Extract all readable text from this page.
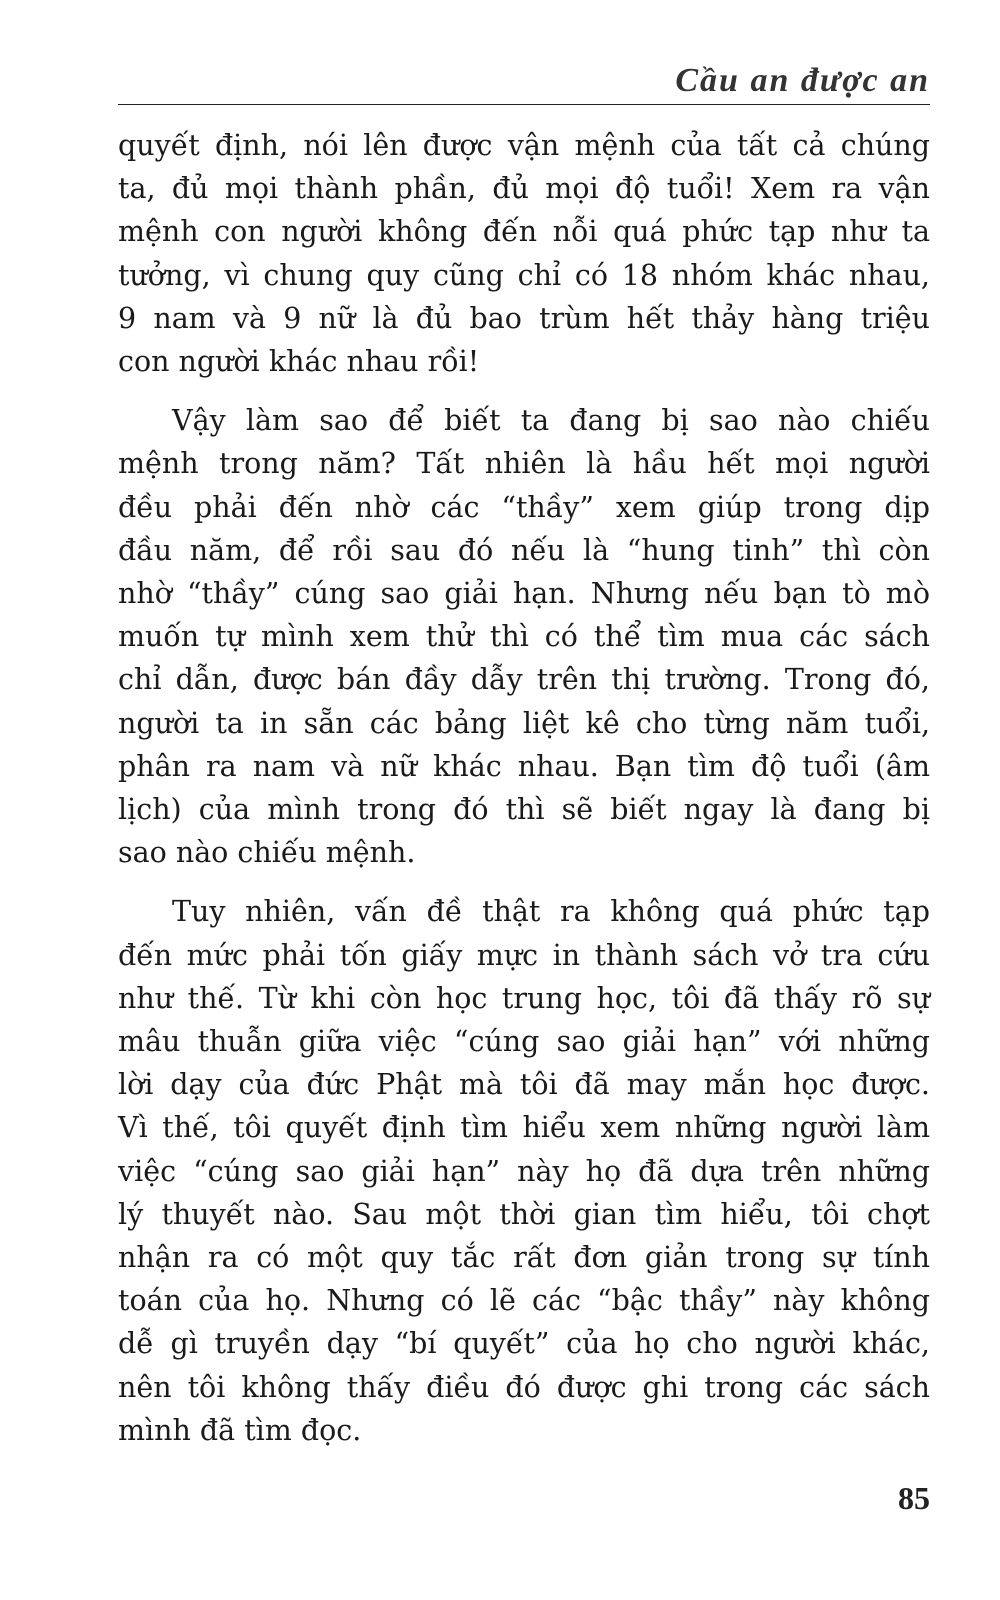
Cầu an được an

quyết định, nói lên được vận mệnh của tất cả chúng
ta, đủ mọi thành phần, đủ mọi độ tuổi! Xem ra vận
mệnh con người không đến nỗi quá phức tạp như ta
tưởng, vì chung quy cũng chỉ có 18 nhóm khác nhau,
9 nam và 9 nữ là đủ bao trùm hết thảy hàng triệu
con người khác nhau rồi!

Vậy làm sao để biết ta đang bị sao nào chiếu
mệnh trong năm? Tất nhiên là hầu hết mọi người
đều phải đến nhờ các “thầy” xem giúp trong dịp
đầu năm, để rồi sau đó nếu là “hung tinh” thì còn
nhờ “thầy” cúng sao giải hạn. Nhưng nếu bạn tò mò
muốn tự mình xem thử thì có thể tìm mua các sách
chỉ dẫn, được bán đầy dẫy trên thị trường. Trong đó,
người ta in sẵn các bảng liệt kê cho từng năm tuổi,
phân ra nam và nữ khác nhau. Bạn tìm độ tuổi (âm
lịch) của mình trong đó thì sẽ biết ngay là đang bị
sao nào chiếu mệnh.

Tuy nhiên, vấn đề thật ra không quá phức tạp
đến mức phải tốn giấy mực in thành sách vở tra cứu
như thế. Từ khi còn học trung học, tôi đã thấy rõ sự
mâu thuẫn giữa việc “cúng sao giải hạn” với những
lời dạy của đức Phật mà tôi đã may mắn học được.
Vì thế, tôi quyết định tìm hiểu xem những người làm
việc “cúng sao giải hạn” này họ đã dựa trên những
lý thuyết nào. Sau một thời gian tìm hiểu, tôi chợt
nhận ra có một quy tắc rất đơn giản trong sự tính
toán của họ. Nhưng có lẽ các “bậc thầy” này không
dễ gì truyền dạy “bí quyết” của họ cho người khác,
nên tôi không thấy điều đó được ghi trong các sách
mình đã tìm đọc.

85
